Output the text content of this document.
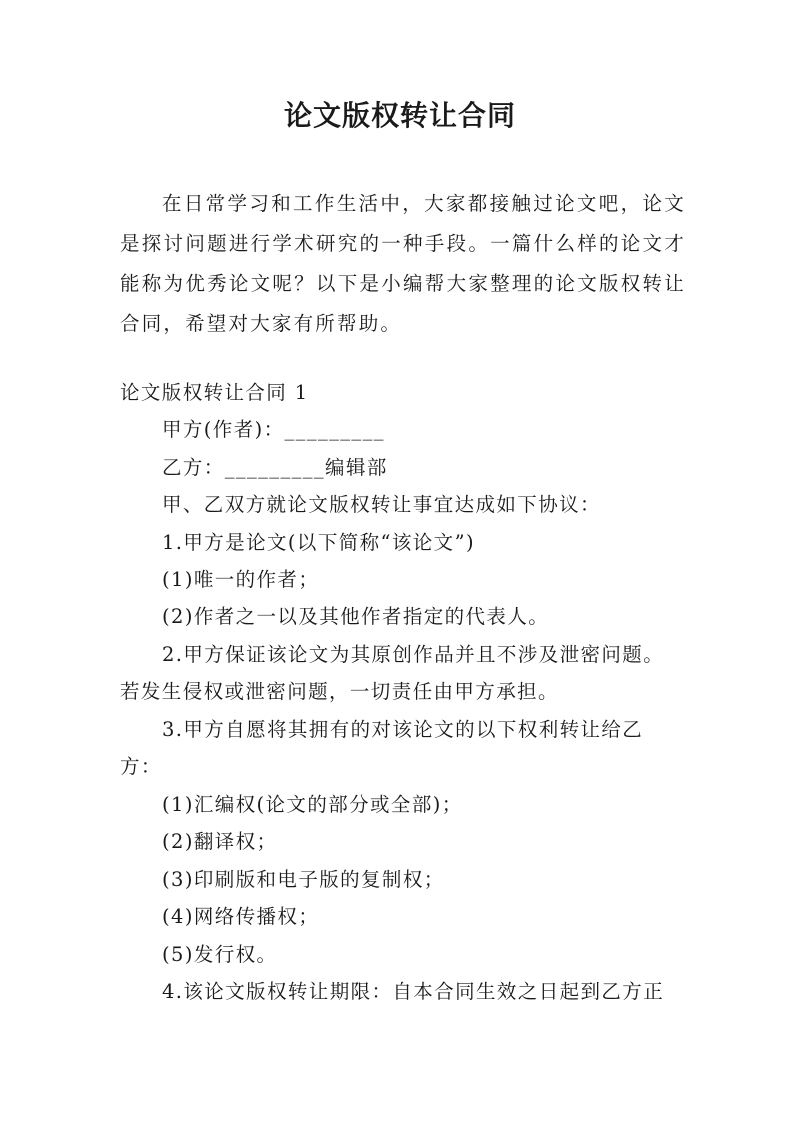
论文版权转让合同
在日常学习和工作生活中，大家都接触过论文吧，论文是探讨问题进行学术研究的一种手段。一篇什么样的论文才能称为优秀论文呢？以下是小编帮大家整理的论文版权转让合同，希望对大家有所帮助。
论文版权转让合同 1
甲方(作者)：_________
乙方：_________编辑部
甲、乙双方就论文版权转让事宜达成如下协议：
1.甲方是论文(以下简称“该论文”)
(1)唯一的作者；
(2)作者之一以及其他作者指定的代表人。
2.甲方保证该论文为其原创作品并且不涉及泄密问题。
若发生侵权或泄密问题，一切责任由甲方承担。
3.甲方自愿将其拥有的对该论文的以下权利转让给乙
方：
(1)汇编权(论文的部分或全部)；
(2)翻译权；
(3)印刷版和电子版的复制权；
(4)网络传播权；
(5)发行权。
4.该论文版权转让期限：自本合同生效之日起到乙方正
